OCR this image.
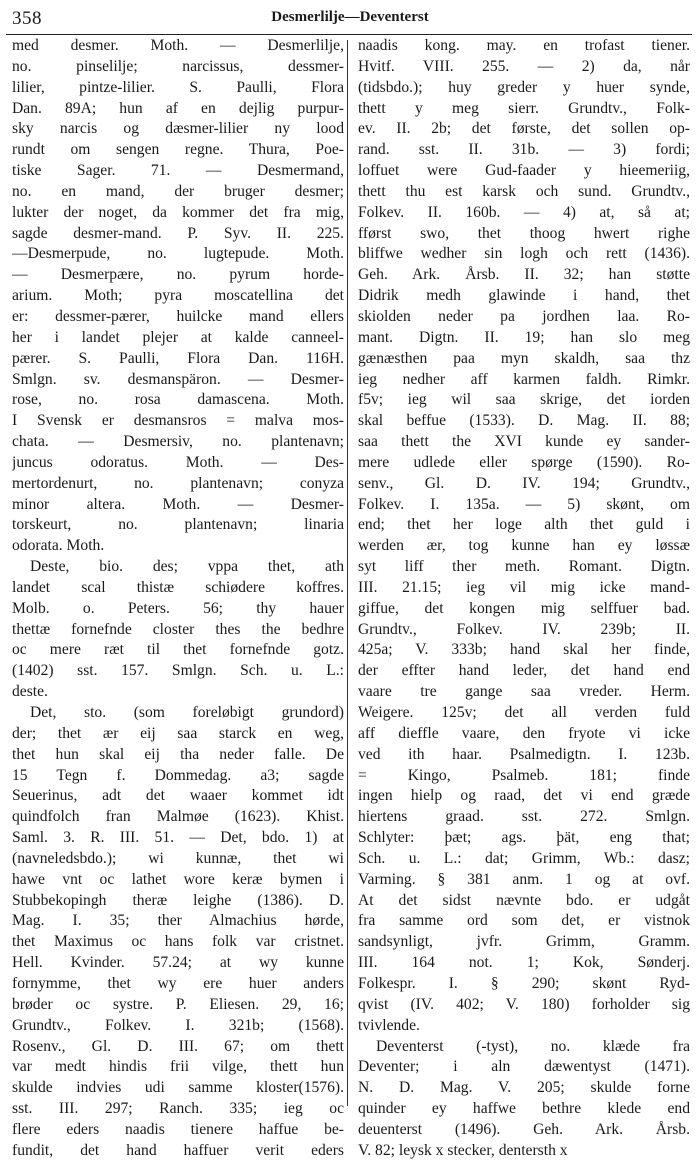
358	Desmerlilje—Deventerst
med desmer. Moth. — Desmerlilje,
no. pinselilje; narcissus, dessmer-
lilier, pintze-lilier. S. Paulli, Flora
Dan. 89A; hun af en dejlig purpur-
sky narcis og dæsmer-lilier ny lood
rundt om sengen regne. Thura, Poe-
tiske Sager. 71. — Desmermand,
no. en mand, der bruger desmer;
lukter der noget, da kommer det fra mig,
sagde desmer-mand. P. Syv. II. 225.
—Desmerpude, no. lugtepude. Moth.
— Desmerpære, no. pyrum horde-
arium. Moth; pyra moscatellina det
er: dessmer-pærer, huilcke mand ellers
her i landet plejer at kalde canneel-
pærer. S. Paulli, Flora Dan. 116H.
Smlgn. sv. desmanspäron. — Desmer-
rose, no. rosa damascena. Moth.
I Svensk er desmansros = malva mos-
chata. — Desmersiv, no. plantenavn;
juncus odoratus. Moth. — Des-
mertordenurt, no. plantenavn; conyza
minor altera. Moth. — Desmer-
torskeurt, no. plantenavn; linaria
odorata. Moth.
Deste, bio. des; vppa thet, ath
landet scal thistæ schiødere koffres.
Molb. o. Peters. 56; thy hauer
thettæ fornefnde closter thes the bedhre
oc mere ræt til thet fornefnde gotz.
(1402) sst. 157. Smlgn. Sch. u. L.:
deste.
Det, sto. (som foreløbigt grundord)
der; thet ær eij saa starck en weg,
thet hun skal eij tha neder falle. De
15 Tegn f. Dommedag. a3; sagde
Seuerinus, adt det waaer kommet idt
quindfolch fran Malmøe (1623). Khist.
Saml. 3. R. III. 51. — Det, bdo. 1) at
(navneledsbdo.); wi kunnæ, thet wi
hawe vnt oc lathet wore keræ bymen i
Stubbekopingh theræ leighe (1386). D.
Mag. I. 35; ther Almachius hørde,
thet Maximus oc hans folk var cristnet.
Hell. Kvinder. 57.24; at wy kunne
fornymme, thet wy ere huer anders
brøder oc systre. P. Eliesen. 29, 16;
Grundtv., Folkev. I. 321b; (1568).
Rosenv., Gl. D. III. 67; om thett
var medt hindis frii vilge, thett hun
skulde indvies udi samme kloster(1576).
sst. III. 297; Ranch. 335; ieg oc
flere eders naadis tienere haffue be-
fundit, det hand haffuer verit eders
naadis kong. may. en trofast tiener.
Hvitf. VIII. 255. — 2) da, når
(tidsbdo.); huy greder y huer synde,
thett y meg sierr. Grundtv., Folk-
ev. II. 2b; det første, det sollen op-
rand. sst. II. 31b. — 3) fordi;
loffuet were Gud-faader y hieemeriig,
thett thu est karsk och sund. Grundtv.,
Folkev. II. 160b. — 4) at, så at;
fførst swo, thet thoog hwert righe
bliffwe wedher sin logh och rett (1436).
Geh. Ark. Årsb. II. 32; han støtte
Didrik medh glawinde i hand, thet
skiolden neder pa jordhen laa. Ro-
mant. Digtn. II. 19; han slo meg
gænæsthen paa myn skaldh, saa thz
ieg nedher aff karmen faldh. Rimkr.
f5v; ieg wil saa skrige, det iorden
skal beffue (1533). D. Mag. II. 88;
saa thett the XVI kunde ey sander-
mere udlede eller spørge (1590). Ro-
senv., Gl. D. IV. 194; Grundtv.,
Folkev. I. 135a. — 5) skønt, om
end; thet her loge alth thet guld i
werden ær, tog kunne han ey løssæ
syt liff ther meth. Romant. Digtn.
III. 21.15; ieg vil mig icke mand-
giffue, det kongen mig selffuer bad.
Grundtv., Folkev. IV. 239b; II.
425a; V. 333b; hand skal her finde,
der effter hand leder, det hand end
vaare tre gange saa vreder. Herm.
Weigere. 125v; det all verden fuld
aff dieffle vaare, den fryote vi icke
ved ith haar. Psalmedigtn. I. 123b.
= Kingo, Psalmeb. 181; finde
ingen hielp og raad, det vi end græde
hiertens graad. sst. 272. Smlgn.
Schlyter: þæt; ags. þät, eng that;
Sch. u. L.: dat; Grimm, Wb.: dasz;
Varming. § 381 anm. 1 og at ovf.
At det sidst nævnte bdo. er udgåt
fra samme ord som det, er vistnok
sandsynligt, jvfr. Grimm, Gramm.
III. 164 not. 1; Kok, Sønderj.
Folkespr. I. § 290; skønt Ryd-
qvist (IV. 402; V. 180) forholder sig
tvivlende.
Deventerst (-tyst), no. klæde fra
Deventer; i aln dæwentyst (1471).
N. D. Mag. V. 205; skulde forne
quinder ey haffwe bethre klede end
deuenterst (1496). Geh. Ark. Årsb.
V. 82; leysk x stecker, dentersth x
